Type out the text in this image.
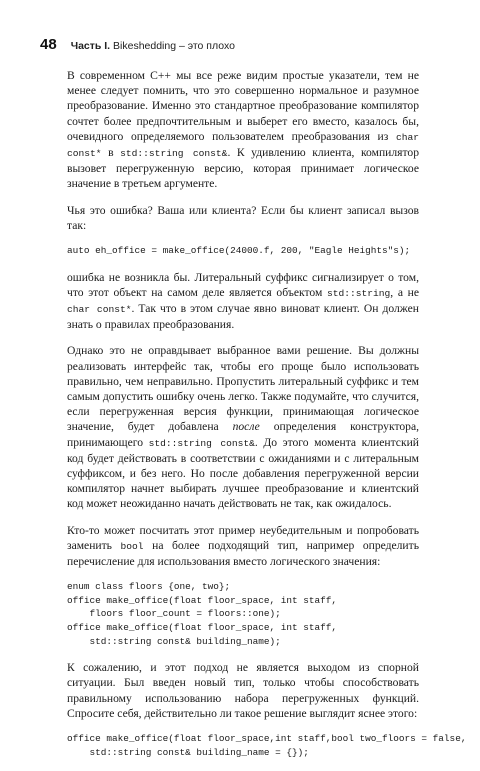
48 Часть I. Bikeshedding – это плохо

В современном С++ мы все реже видим простые указатели, тем не менее следует помнить, что это совершенно нормальное и разумное преобразование. Именно это стандартное преобразование компилятор сочтет более предпочтительным и выберет его вместо, казалось бы, очевидного определяемого пользователем преобразования из char const* в std::string const&. К удивлению клиента, компилятор вызовет перегруженную версию, которая принимает логическое значение в третьем аргументе.

Чья это ошибка? Ваша или клиента? Если бы клиент записал вызов так:

auto eh_office = make_office(24000.f, 200, "Eagle Heights"s);

ошибка не возникла бы. Литеральный суффикс сигнализирует о том, что этот объект на самом деле является объектом std::string, а не char const*. Так что в этом случае явно виноват клиент. Он должен знать о правилах преобразования.

Однако это не оправдывает выбранное вами решение. Вы должны реализовать интерфейс так, чтобы его проще было использовать правильно, чем неправильно. Пропустить литеральный суффикс и тем самым допустить ошибку очень легко. Также подумайте, что случится, если перегруженная версия функции, принимающая логическое значение, будет добавлена после определения конструктора, принимающего std::string const&. До этого момента клиентский код будет действовать в соответствии с ожиданиями и с литеральным суффиксом, и без него. Но после добавления перегруженной версии компилятор начнет выбирать лучшее преобразование и клиентский код может неожиданно начать действовать не так, как ожидалось.

Кто-то может посчитать этот пример неубедительным и попробовать заменить bool на более подходящий тип, например определить перечисление для использования вместо логического значения:

enum class floors {one, two};
office make_office(float floor_space, int staff,
floors floor_count = floors::one);
office make_office(float floor_space, int staff,
std::string const& building_name);

К сожалению, и этот подход не является выходом из спорной ситуации. Был введен новый тип, только чтобы способствовать правильному использованию набора перегруженных функций. Спросите себя, действительно ли такое решение выглядит яснее этого:

office make_office(float floor_space,int staff,bool two_floors = false,
std::string const& building_name = {});
